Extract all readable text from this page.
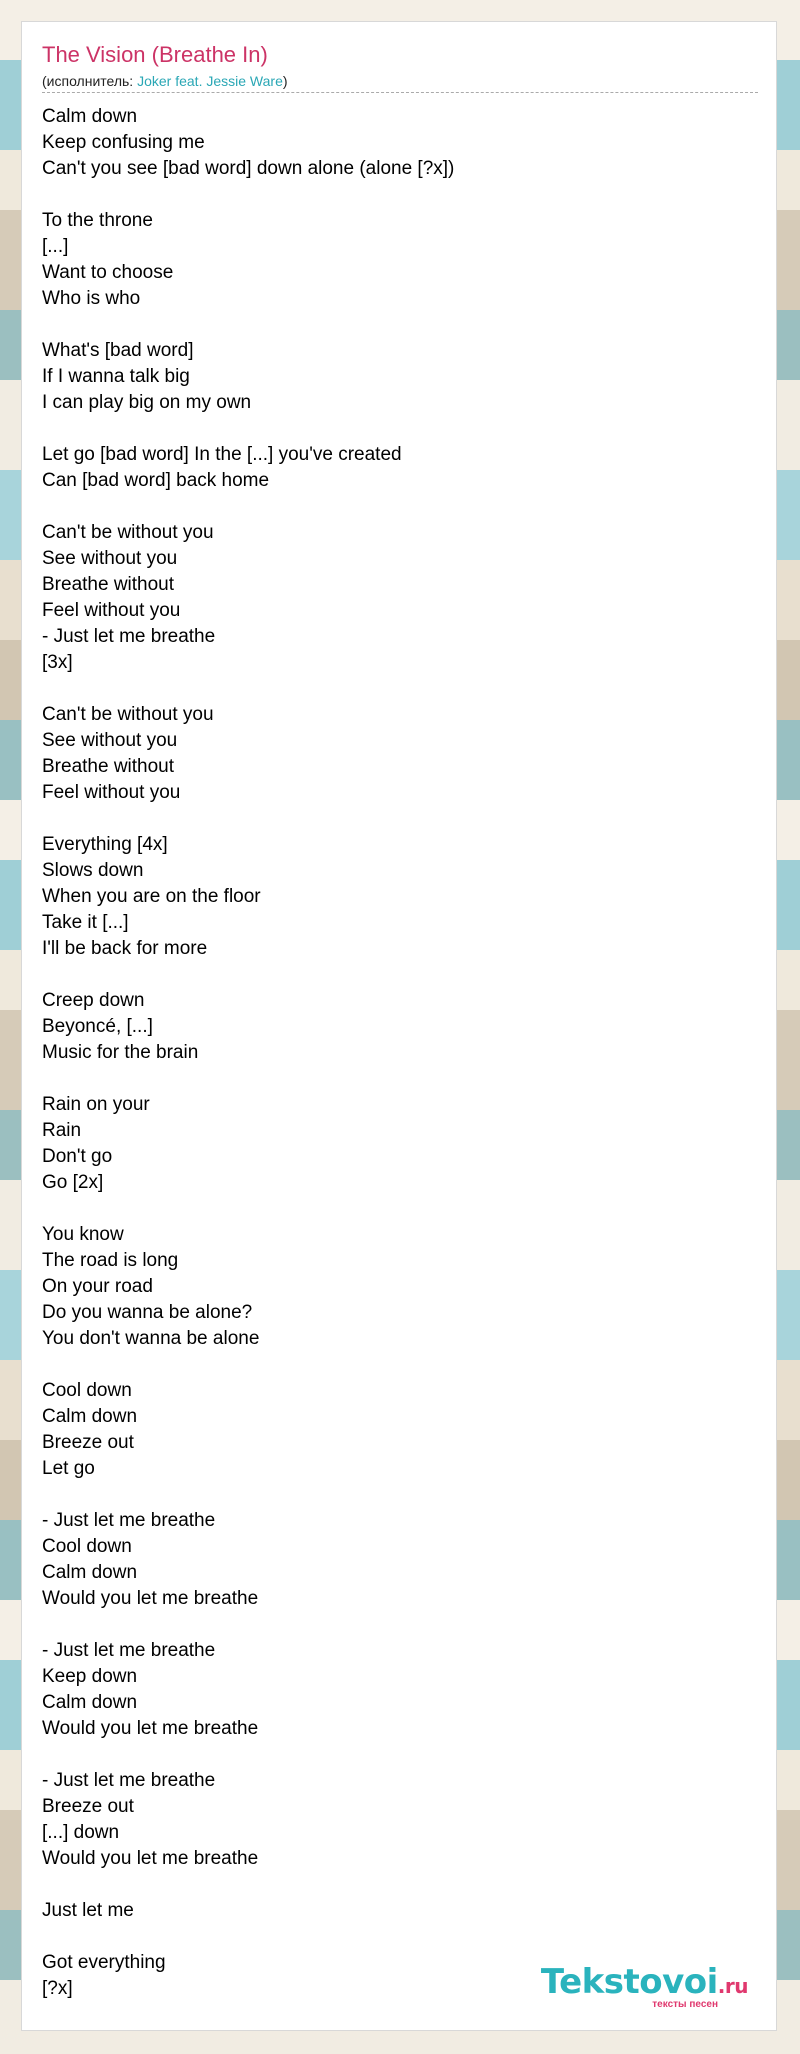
The Vision (Breathe In)
(исполнитель: Joker feat. Jessie Ware)
Calm down
Keep confusing me
Can't you see [bad word] down alone (alone [?x])
To the throne
[...]
Want to choose
Who is who
What's [bad word]
If I wanna talk big
I can play big on my own
Let go [bad word] In the [...] you've created
Can [bad word] back home
Can't be without you
See without you
Breathe without
Feel without you
- Just let me breathe
[3x]
Can't be without you
See without you
Breathe without
Feel without you
Everything [4x]
Slows down
When you are on the floor
Take it [...]
I'll be back for more
Creep down
Beyoncé, [...]
Music for the brain
Rain on your
Rain
Don't go
Go [2x]
You know
The road is long
On your road
Do you wanna be alone?
You don't wanna be alone
Cool down
Calm down
Breeze out
Let go
- Just let me breathe
Cool down
Calm down
Would you let me breathe
- Just let me breathe
Keep down
Calm down
Would you let me breathe
- Just let me breathe
Breeze out
[...] down
Would you let me breathe
Just let me
Got everything
[?x]	Tekstovoi.ru
тексты песен
